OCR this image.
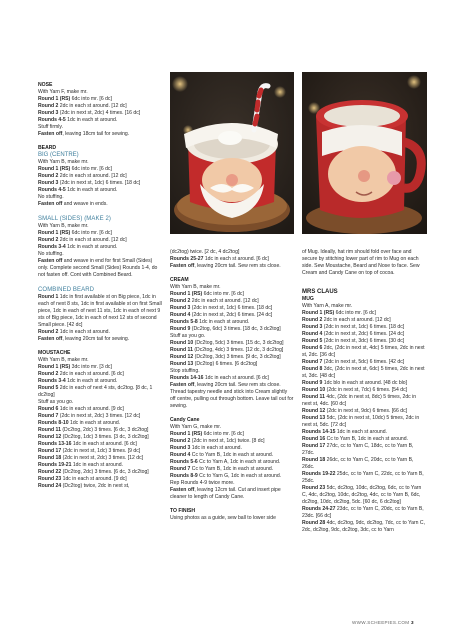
NOSE

With Yarn F, make mr.

Round 1 (RS) 6dc into mr. [6 dc]

Round 2 2dc in each st around. [12 dc]

Round 3 (2dc in next st, 2dc) 4 times. [16 dc]

Rounds 4-5 1dc in each st around.

Stuff firmly.

Fasten off, leaving 18cm tail for sewing.

BEARD

BIG (CENTRE)

With Yarn B, make mr.

Round 1 (RS) 6dc into mr. [6 dc]

Round 2 2dc in each st around. [12 dc]

Round 3 (2dc in next st, 1dc) 6 times. [18 dc]

Rounds 4-5 1dc in each st around.

No stuffing.

Fasten off and weave in ends.

SMALL (SIDES) (MAKE 2)

With Yarn B, make mr.

Round 1 (RS) 6dc into mr. [6 dc]

Round 2 2dc in each st around. [12 dc]

Rounds 3-4 1dc in each st around.

No stuffing.

Fasten off and weave in end for first Small (Sides) only. Complete second Small (Sides) Rounds 1-4, do not fasten off. Cont with Combined Beard.

COMBINED BEARD

Round 1 1dc in first available st on Big piece, 1dc in each of next 8 sts, 1dc in first available st on first Small piece, 1dc in each of next 11 sts, 1dc in each of next 9 sts of Big piece, 1dc in each of next 12 sts of second Small piece. [42 dc]

Round 2 1dc in each st around.

Fasten off, leaving 20cm tail for sewing.

MOUSTACHE

With Yarn B, make mr.

Round 1 (RS) 3dc into mr. [3 dc]

Round 2 2dc in each st around. [6 dc]

Rounds 3-4 1dc in each st around.

Round 5 2dc in each of next 4 sts, dc2tog. [8 dc, 1 dc2tog]

Stuff as you go.

Round 6 1dc in each st around. [9 dc]

Round 7 (2dc in next st, 2dc) 3 times. [12 dc]

Rounds 8-10 1dc in each st around.

Round 11 (Dc2tog, 2dc) 3 times. [6 dc, 3 dc2tog]

Round 12 (Dc2tog, 1dc) 3 times. [3 dc, 3 dc2tog]

Rounds 13-16 1dc in each st around. [6 dc]

Round 17 (2dc in next st, 1dc) 3 times. [9 dc]

Round 18 (2dc in next st, 2dc) 3 times. [12 dc]

Rounds 19-21 1dc in each st around.

Round 22 (Dc2tog, 2dc) 3 times. [6 dc, 3 dc2tog]

Round 23 1dc in each st around. [9 dc]

Round 24 (Dc2tog) twice, 2dc in next st,

(dc2tog) twice. [2 dc, 4 dc2tog]

Rounds 25-27 1dc in each st around. [6 dc]

Fasten off, leaving 20cm tail. Sew rem sts close.

CREAM

With Yarn B, make mr.

Round 1 (RS) 6dc into mr. [6 dc]

Round 2 2dc in each st around. [12 dc]

Round 3 (2dc in next st, 1dc) 6 times. [18 dc]

Round 4 (2dc in next st, 2dc) 6 times. [24 dc]

Rounds 5-8 1dc in each st around.

Round 9 (Dc2tog, 6dc) 3 times. [18 dc, 3 dc2tog]

Stuff as you go.

Round 10 (Dc2tog, 5dc) 3 times. [15 dc, 3 dc2tog]

Round 11 (Dc2tog, 4dc) 3 times. [12 dc, 3 dc2tog]

Round 12 (Dc2tog, 3dc) 3 times. [9 dc, 3 dc2tog]

Round 13 (Dc2tog) 6 times. [6 dc2tog]

Stop stuffing.

Rounds 14-16 1dc in each st around. [6 dc]

Fasten off, leaving 20cm tail. Sew rem sts close. Thread tapestry needle and stick into Cream slightly off centre, pulling out through bottom. Leave tail out for sewing.

Candy Cane

With Yarn G, make mr.

Round 1 (RS) 6dc into mr. [6 dc]

Round 2 (2dc in next st, 1dc) twice. [8 dc]

Round 3 1dc in each st around.

Round 4 Cc to Yarn B, 1dc in each st around.

Rounds 5-6 Cc to Yarn A, 1dc in each st around.

Round 7 Cc to Yarn B, 1dc in each st around.

Rounds 8-9 Cc to Yarn G, 1dc in each st around.

Rep Rounds 4-9 twice more.

Fasten off, leaving 12cm tail. Cut and insert pipe cleaner to length of Candy Cane.

TO FINISH

Using photos as a guide, sew ball to lower side

of Mug. Ideally, hat rim should fold over face and secure by stitching lower part of rim to Mug on each side. Sew Moustache, Beard and Nose to face. Sew Cream and Candy Cane on top of cocoa.

MRS CLAUS

MUG

With Yarn A, make mr.

Round 1 (RS) 6dc into mr. [6 dc]

Round 2 2dc in each st around. [12 dc]

Round 3 (2dc in next st, 1dc) 6 times. [18 dc]

Round 4 (2dc in next st, 2dc) 6 times. [24 dc]

Round 5 (2dc in next st, 3dc) 6 times. [30 dc]

Round 6 2dc, (2dc in next st, 4dc) 5 times, 2dc in next st, 2dc. [36 dc]

Round 7 (2dc in next st, 5dc) 6 times. [42 dc]

Round 8 3dc, (2dc in next st, 6dc) 5 times, 2dc in next st, 3dc. [48 dc]

Round 9 1dc blo in each st around. [48 dc blo]

Round 10 (2dc in next st, 7dc) 6 times. [54 dc]

Round 11 4dc, (2dc in next st, 8dc) 5 times, 2dc in next st, 4dc. [60 dc]

Round 12 (2dc in next st, 9dc) 6 times. [66 dc]

Round 13 5dc, (2dc in next st, 10dc) 5 times, 2dc in next st, 5dc. [72 dc]

Rounds 14-15 1dc in each st around.

Round 16 Cc to Yarn B, 1dc in each st around.

Round 17 27dc, cc to Yarn C, 18dc, cc to Yarn B, 27dc.

Round 18 26dc, cc to Yarn C, 20dc, cc to Yarn B, 26dc.

Rounds 19-22 25dc, cc to Yarn C, 22dc, cc to Yarn B, 25dc.

Round 23 5dc, dc2tog, 10dc, dc2tog, 6dc, cc to Yarn C, 4dc, dc2tog, 10dc, dc2tog, 4dc, cc to Yarn B, 6dc, dc2tog, 10dc, dc2tog, 5dc. [60 dc, 6 dc2tog]

Rounds 24-27 23dc, cc to Yarn C, 20dc, cc to Yarn B, 23dc. [66 dc]

Round 28 4dc, dc2tog, 9dc, dc2tog, 7dc, cc to Yarn C, 2dc, dc2tog, 9dc, dc2tog, 3dc, cc to Yarn

WWW.SCHEEPIES.COM 3
